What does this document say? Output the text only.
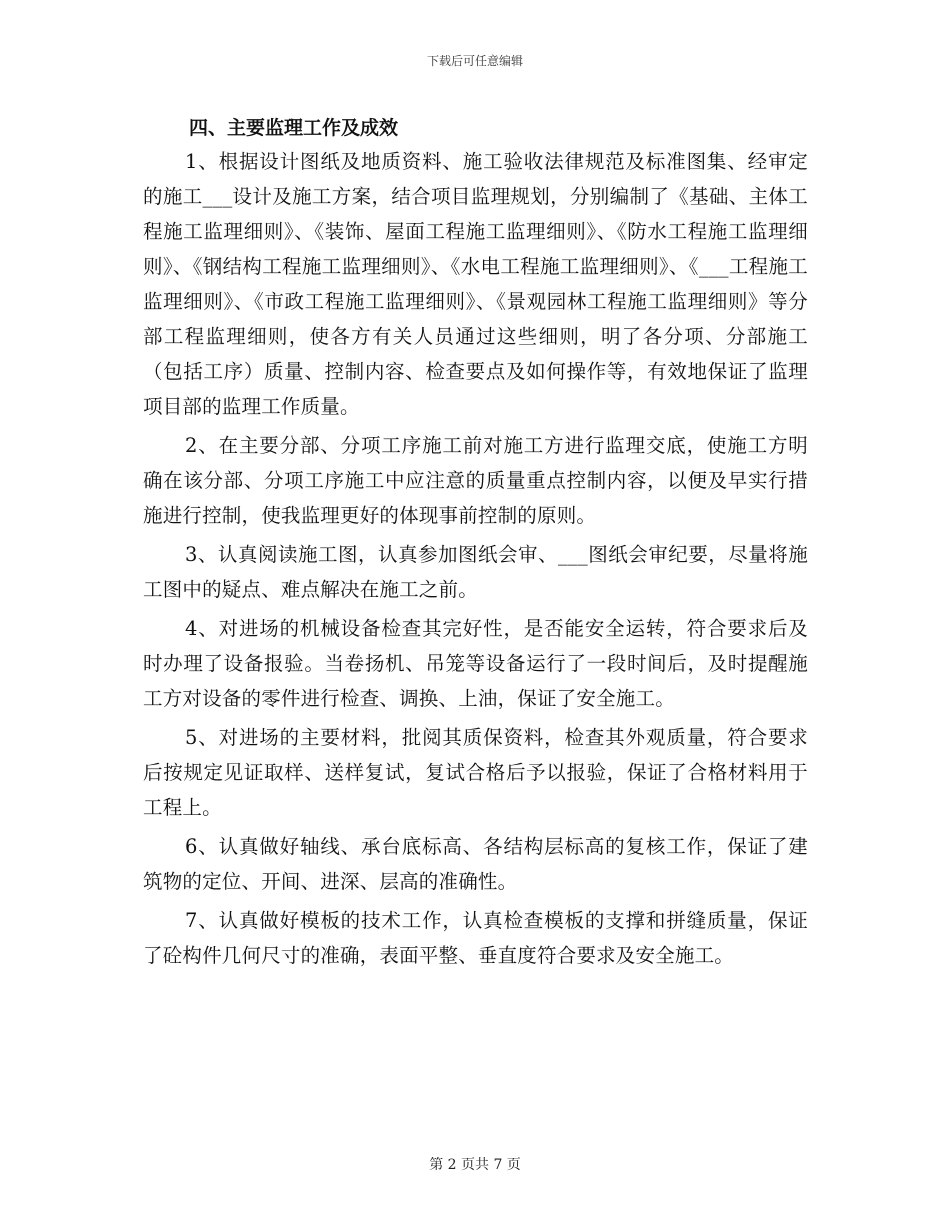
下载后可任意编辑
四、主要监理工作及成效

1、根据设计图纸及地质资料、施工验收法律规范及标准图集、经审定的施工___设计及施工方案，结合项目监理规划，分别编制了《基础、主体工程施工监理细则》、《装饰、屋面工程施工监理细则》、《防水工程施工监理细则》、《钢结构工程施工监理细则》、《水电工程施工监理细则》、《___工程施工监理细则》、《市政工程施工监理细则》、《景观园林工程施工监理细则》等分部工程监理细则，使各方有关人员通过这些细则，明了各分项、分部施工（包括工序）质量、控制内容、检查要点及如何操作等，有效地保证了监理项目部的监理工作质量。

2、在主要分部、分项工序施工前对施工方进行监理交底，使施工方明确在该分部、分项工序施工中应注意的质量重点控制内容，以便及早实行措施进行控制，使我监理更好的体现事前控制的原则。

3、认真阅读施工图，认真参加图纸会审、___图纸会审纪要，尽量将施工图中的疑点、难点解决在施工之前。

4、对进场的机械设备检查其完好性，是否能安全运转，符合要求后及时办理了设备报验。当卷扬机、吊笼等设备运行了一段时间后，及时提醒施工方对设备的零件进行检查、调换、上油，保证了安全施工。

5、对进场的主要材料，批阅其质保资料，检查其外观质量，符合要求后按规定见证取样、送样复试，复试合格后予以报验，保证了合格材料用于工程上。

6、认真做好轴线、承台底标高、各结构层标高的复核工作，保证了建筑物的定位、开间、进深、层高的准确性。

7、认真做好模板的技术工作，认真检查模板的支撑和拼缝质量，保证了砼构件几何尺寸的准确，表面平整、垂直度符合要求及安全施工。

第 2 页共 7 页
